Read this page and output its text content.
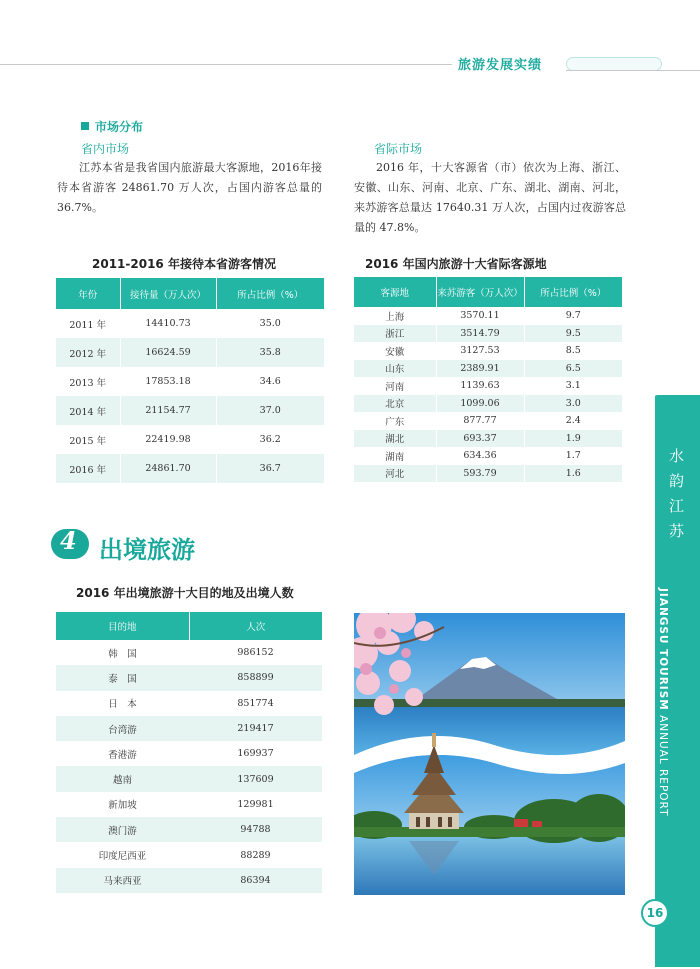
旅游发展实绩
市场分布
省内市场
江苏本省是我省国内旅游最大客源地，2016年接待本省游客 24861.70 万人次，占国内游客总量的 36.7%。
省际市场
2016 年，十大客源省（市）依次为上海、浙江、安徽、山东、河南、北京、广东、湖北、湖南、河北，来苏游客总量达 17640.31 万人次，占国内过夜游客总量的 47.8%。
2011-2016 年接待本省游客情况
年份	接待量（万人次）	所占比例（%）
2011 年	14410.73	35.0
2012 年	16624.59	35.8
2013 年	17853.18	34.6
2014 年	21154.77	37.0
2015 年	22419.98	36.2
2016 年	24861.70	36.7
2016 年国内旅游十大省际客源地
客源地	来苏游客（万人次）	所占比例（%）
上海	3570.11	9.7
浙江	3514.79	9.5
安徽	3127.53	8.5
山东	2389.91	6.5
河南	1139.63	3.1
北京	1099.06	3.0
广东	877.77	2.4
湖北	693.37	1.9
湖南	634.36	1.7
河北	593.79	1.6
4 出境旅游
2016 年出境旅游十大目的地及出境人数
目的地	人次
韩　国	986152
泰　国	858899
日　本	851774
台湾游	219417
香港游	169937
越南	137609
新加坡	129981
澳门游	94788
印度尼西亚	88289
马来西亚	86394
水韵江苏
JIANGSU TOURISM ANNUAL REPORT
16
